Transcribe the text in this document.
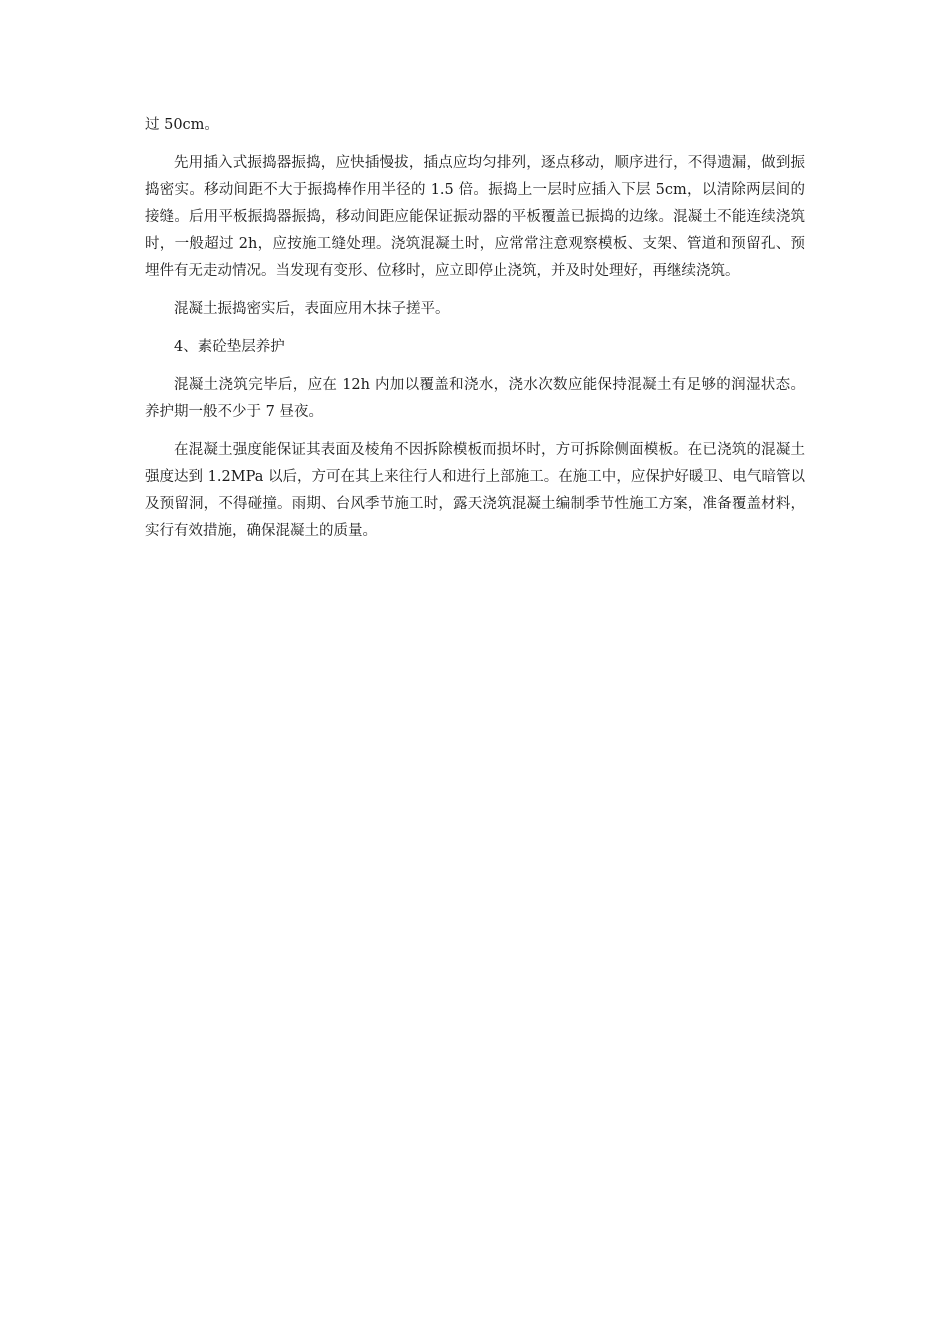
过 50cm。

先用插入式振捣器振捣，应快插慢拔，插点应均匀排列，逐点移动，顺序进行，不得遗漏，做到振捣密实。移动间距不大于振捣棒作用半径的 1.5 倍。振捣上一层时应插入下层 5cm，以清除两层间的接缝。后用平板振捣器振捣，移动间距应能保证振动器的平板覆盖已振捣的边缘。混凝土不能连续浇筑时，一般超过 2h，应按施工缝处理。浇筑混凝土时，应常常注意观察模板、支架、管道和预留孔、预埋件有无走动情况。当发现有变形、位移时，应立即停止浇筑，并及时处理好，再继续浇筑。

混凝土振捣密实后，表面应用木抹子搓平。

4、素砼垫层养护

混凝土浇筑完毕后，应在 12h 内加以覆盖和浇水，浇水次数应能保持混凝土有足够的润湿状态。养护期一般不少于 7 昼夜。

在混凝土强度能保证其表面及棱角不因拆除模板而损坏时，方可拆除侧面模板。在已浇筑的混凝土强度达到 1.2MPa 以后，方可在其上来往行人和进行上部施工。在施工中，应保护好暖卫、电气暗管以及预留洞，不得碰撞。雨期、台风季节施工时，露天浇筑混凝土编制季节性施工方案，准备覆盖材料，实行有效措施，确保混凝土的质量。
